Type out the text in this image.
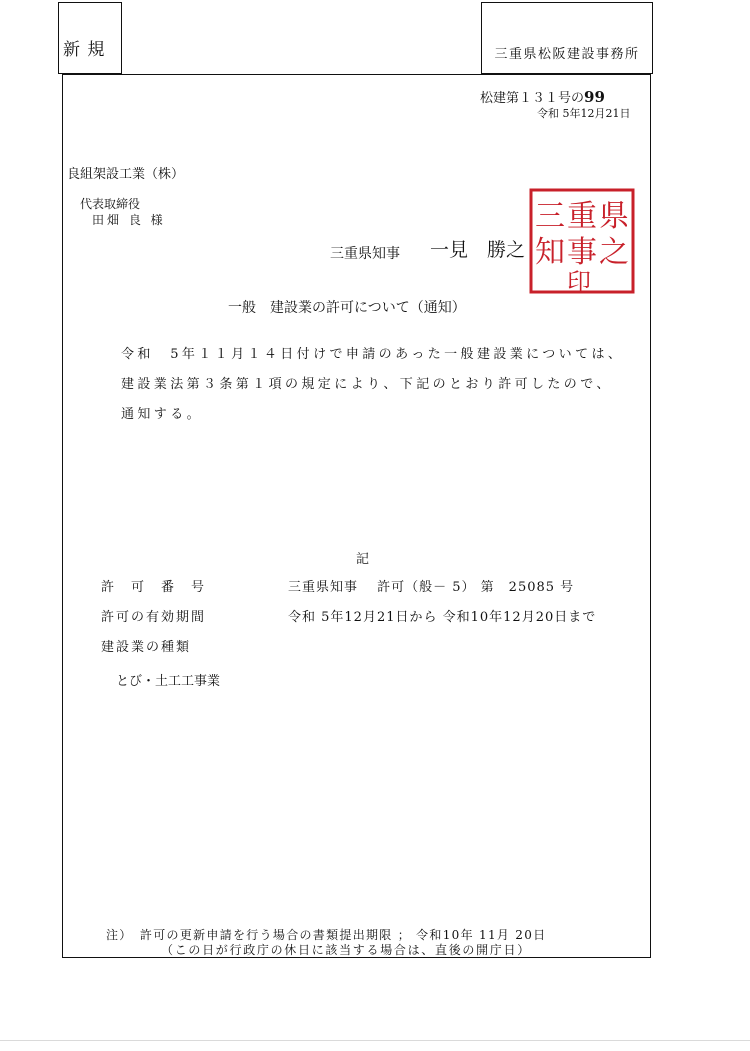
新 規	三重県松阪建設事務所
松建第１３１号の99
令和 5年12月21日
良組架設工業（株）
代表取締役
田畑 良 様
三重県知事 一見　勝之
三 重 県
知 事 之
印
一般　建設業の許可について（通知）
令和　5年１１月１４日付けで申請のあった一般建設業については、
建設業法第３条第１項の規定により、下記のとおり許可したので、
通知する。
記
許　可　番　号	三重県知事　 許可（般－ 5） 第　25085 号
許可の有効期間	令和 5年12月21日から 令和10年12月20日まで
建設業の種類
とび・土工工事業
注）　許可の更新申請を行う場合の書類提出期限 ； 令和10年 11月 20日
（この日が行政庁の休日に該当する場合は、直後の開庁日）
